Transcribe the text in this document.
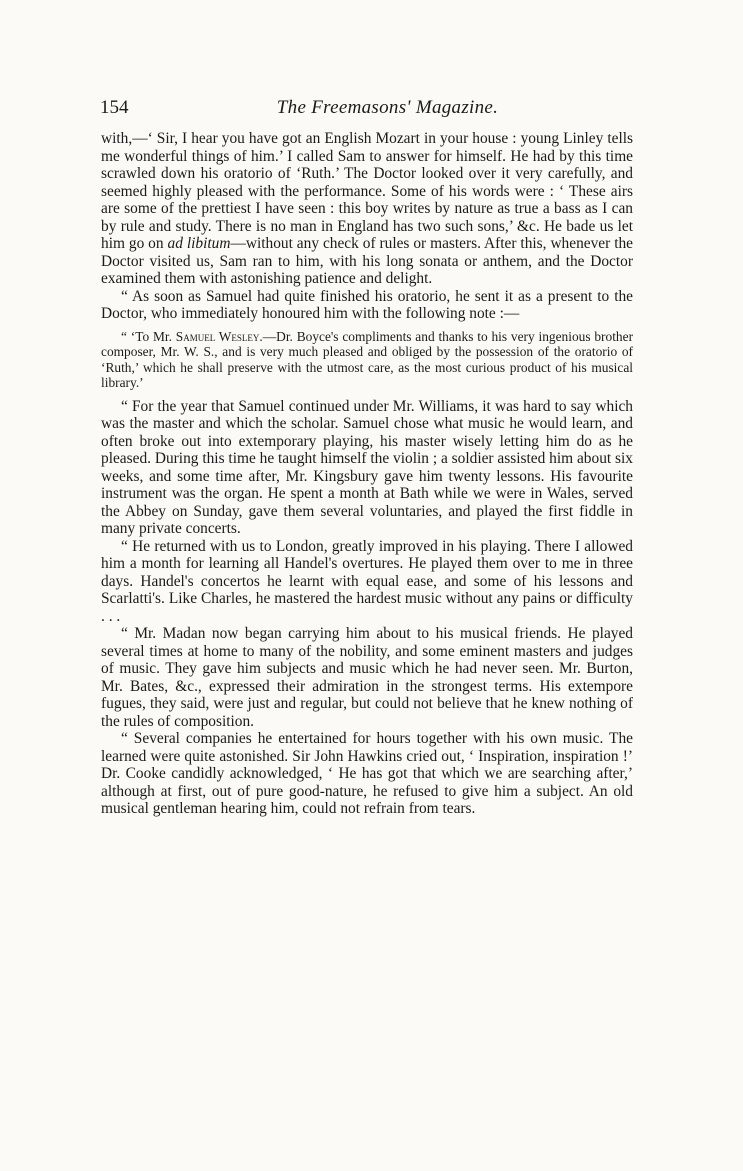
154	The Freemasons' Magazine.

with,—‘ Sir, I hear you have got an English Mozart in your house : young Linley tells me wonderful things of him.’ I called Sam to answer for himself. He had by this time scrawled down his oratorio of ‘Ruth.’ The Doctor looked over it very carefully, and seemed highly pleased with the performance. Some of his words were : ‘ These airs are some of the prettiest I have seen : this boy writes by nature as true a bass as I can by rule and study. There is no man in England has two such sons,’ &c. He bade us let him go on ad libitum—without any check of rules or masters. After this, whenever the Doctor visited us, Sam ran to him, with his long sonata or anthem, and the Doctor examined them with astonishing patience and delight.

“ As soon as Samuel had quite finished his oratorio, he sent it as a present to the Doctor, who immediately honoured him with the following note :—

“ ‘To Mr. Samuel Wesley.—Dr. Boyce's compliments and thanks to his very ingenious brother composer, Mr. W. S., and is very much pleased and obliged by the possession of the oratorio of ‘Ruth,’ which he shall preserve with the utmost care, as the most curious product of his musical library.’

“ For the year that Samuel continued under Mr. Williams, it was hard to say which was the master and which the scholar. Samuel chose what music he would learn, and often broke out into extemporary playing, his master wisely letting him do as he pleased. During this time he taught himself the violin ; a soldier assisted him about six weeks, and some time after, Mr. Kingsbury gave him twenty lessons. His favourite instrument was the organ. He spent a month at Bath while we were in Wales, served the Abbey on Sunday, gave them several voluntaries, and played the first fiddle in many private concerts.

“ He returned with us to London, greatly improved in his playing. There I allowed him a month for learning all Handel's overtures. He played them over to me in three days. Handel's concertos he learnt with equal ease, and some of his lessons and Scarlatti's. Like Charles, he mastered the hardest music without any pains or difficulty . . .

“ Mr. Madan now began carrying him about to his musical friends. He played several times at home to many of the nobility, and some eminent masters and judges of music. They gave him subjects and music which he had never seen. Mr. Burton, Mr. Bates, &c., expressed their admiration in the strongest terms. His extempore fugues, they said, were just and regular, but could not believe that he knew nothing of the rules of composition.

“ Several companies he entertained for hours together with his own music. The learned were quite astonished. Sir John Hawkins cried out, ‘ Inspiration, inspiration !’ Dr. Cooke candidly acknowledged, ‘ He has got that which we are searching after,’ although at first, out of pure good-nature, he refused to give him a subject. An old musical gentleman hearing him, could not refrain from tears.
